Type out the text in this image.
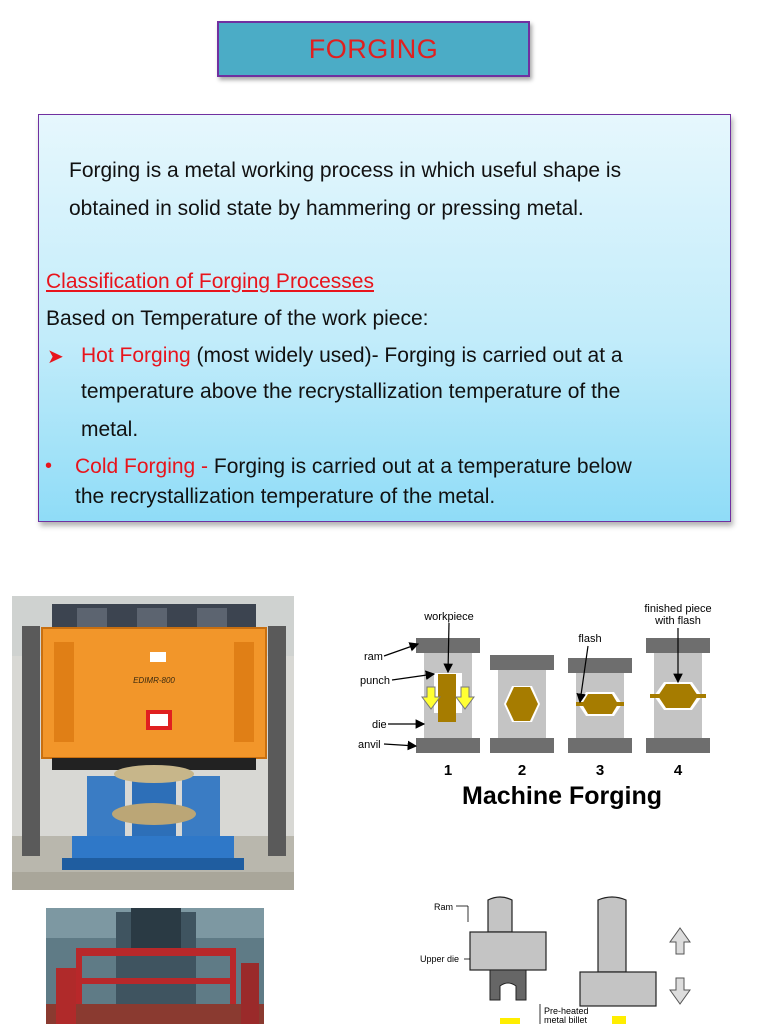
FORGING
Forging is a metal working process in which useful shape is
obtained in solid state by hammering or pressing metal.
Classification of Forging Processes
Based on Temperature of the work piece:
➤ Hot Forging (most widely used)- Forging is carried out at a
temperature above the recrystallization temperature of the
metal.
• Cold Forging - Forging is carried out at a temperature below
the recrystallization temperature of the metal.
EDIMR-800
workpiece
finished piece
with flash
flash
ram
punch
die
anvil
1	2	3	4
Machine Forging
Ram
Upper die
Pre-heated
metal billet
